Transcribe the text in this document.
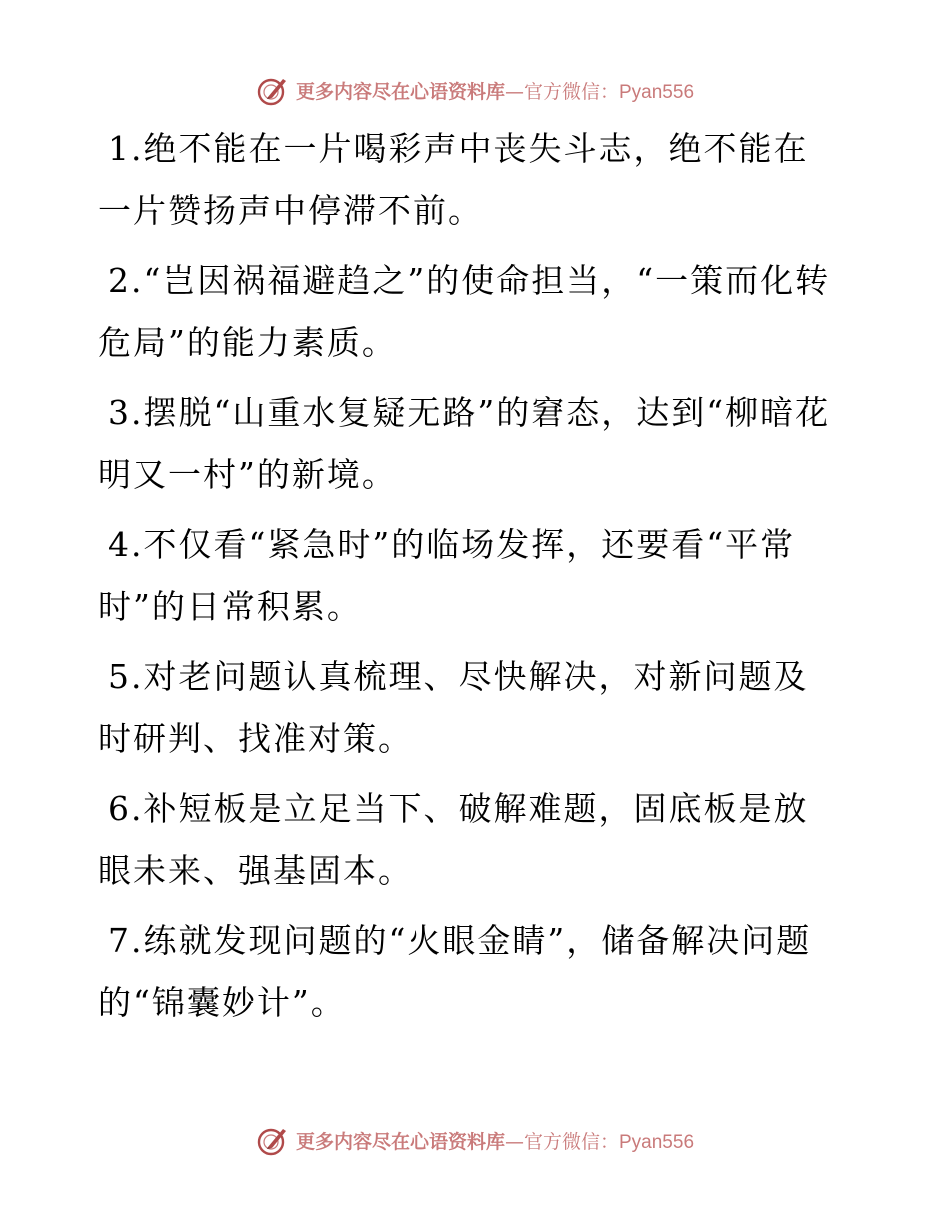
更多内容尽在心语资料库—官方微信：Pyan556

1.绝不能在一片喝彩声中丧失斗志，绝不能在一片赞扬声中停滞不前。

2.“岂因祸福避趋之”的使命担当，“一策而化转危局”的能力素质。

3.摆脱“山重水复疑无路”的窘态，达到“柳暗花明又一村”的新境。

4.不仅看“紧急时”的临场发挥，还要看“平常时”的日常积累。

5.对老问题认真梳理、尽快解决，对新问题及时研判、找准对策。

6.补短板是立足当下、破解难题，固底板是放眼未来、强基固本。

7.练就发现问题的“火眼金睛”，储备解决问题的“锦囊妙计”。

更多内容尽在心语资料库—官方微信：Pyan556
